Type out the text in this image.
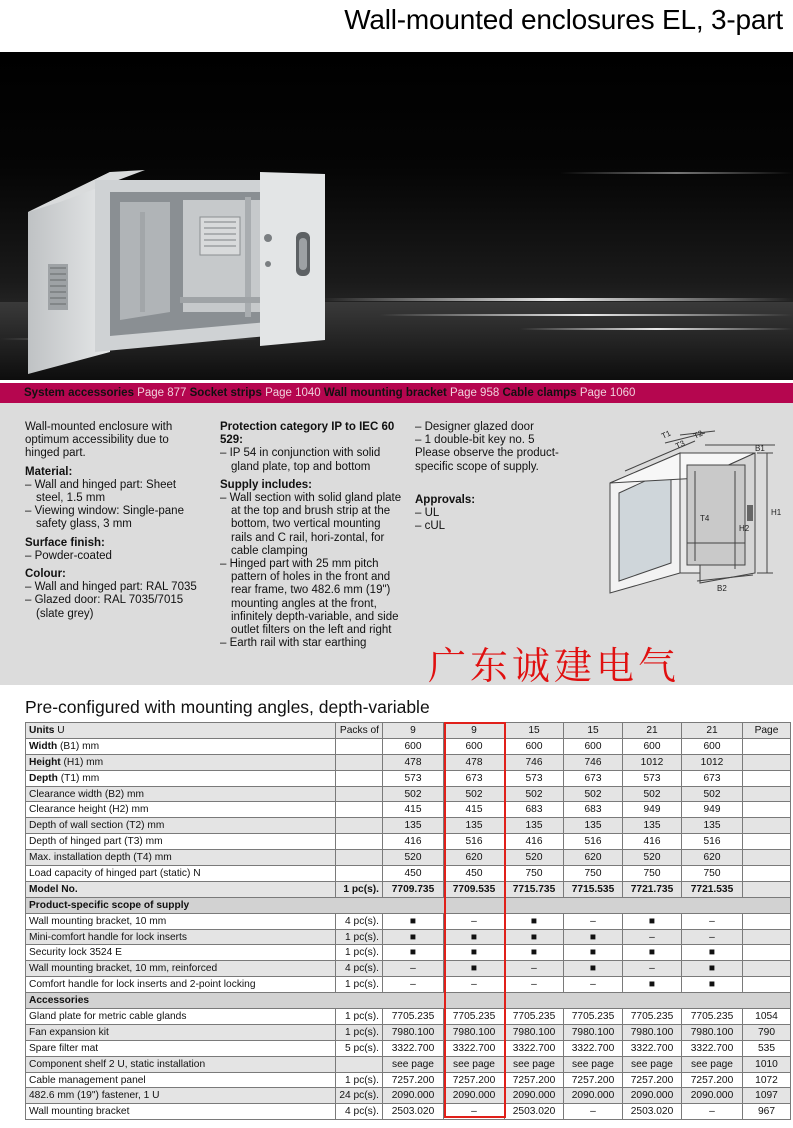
Wall-mounted enclosures EL, 3-part
System accessories Page 877 Socket strips Page 1040 Wall mounting bracket Page 958 Cable clamps Page 1060

Wall-mounted enclosure with optimum accessibility due to hinged part.

Material:
– Wall and hinged part: Sheet steel, 1.5 mm
– Viewing window: Single-pane safety glass, 3 mm
Surface finish:
– Powder-coated
Colour:
– Wall and hinged part: RAL 7035
– Glazed door: RAL 7035/7015 (slate grey)
Protection category IP to IEC 60 529:
– IP 54 in conjunction with solid gland plate, top and bottom
Supply includes:
– Wall section with solid gland plate at the top and brush strip at the bottom, two vertical mounting rails and C rail, hori-zontal, for cable clamping
– Hinged part with 25 mm pitch pattern of holes in the front and rear frame, two 482.6 mm (19") mounting angles at the front, infinitely depth-variable, and side outlet filters on the left and right
– Earth rail with star earthing
– Designer glazed door
– 1 double-bit key no. 5

Please observe the product-specific scope of supply.

Approvals:
– UL
– cUL
T1
T3
T2
B1
H1
H2
T4
B2
广东诚建电气
Pre-configured with mounting angles, depth-variable
Units U	Packs of	9	9	15	15	21	21	Page
Width (B1) mm		600	600	600	600	600	600	
Height (H1) mm		478	478	746	746	1012	1012	
Depth (T1) mm		573	673	573	673	573	673	
Clearance width (B2) mm		502	502	502	502	502	502	
Clearance height (H2) mm		415	415	683	683	949	949	
Depth of wall section (T2) mm		135	135	135	135	135	135	
Depth of hinged part (T3) mm		416	516	416	516	416	516	
Max. installation depth (T4) mm		520	620	520	620	520	620	
Load capacity of hinged part (static) N		450	450	750	750	750	750	
Model No.	1 pc(s).	7709.735	7709.535	7715.735	7715.535	7721.735	7721.535	
Product-specific scope of supply								
Wall mounting bracket, 10 mm	4 pc(s).	■	–	■	–	■	–	
Mini-comfort handle for lock inserts	1 pc(s).	■	■	■	■	–	–	
Security lock 3524 E	1 pc(s).	■	■	■	■	■	■	
Wall mounting bracket, 10 mm, reinforced	4 pc(s).	–	■	–	■	–	■	
Comfort handle for lock inserts and 2-point locking	1 pc(s).	–	–	–	–	■	■	
Accessories								
Gland plate for metric cable glands	1 pc(s).	7705.235	7705.235	7705.235	7705.235	7705.235	7705.235	1054
Fan expansion kit	1 pc(s).	7980.100	7980.100	7980.100	7980.100	7980.100	7980.100	790
Spare filter mat	5 pc(s).	3322.700	3322.700	3322.700	3322.700	3322.700	3322.700	535
Component shelf 2 U, static installation		see page	see page	see page	see page	see page	see page	1010
Cable management panel	1 pc(s).	7257.200	7257.200	7257.200	7257.200	7257.200	7257.200	1072
482.6 mm (19") fastener, 1 U	24 pc(s).	2090.000	2090.000	2090.000	2090.000	2090.000	2090.000	1097
Wall mounting bracket	4 pc(s).	2503.020	–	2503.020	–	2503.020	–	967
